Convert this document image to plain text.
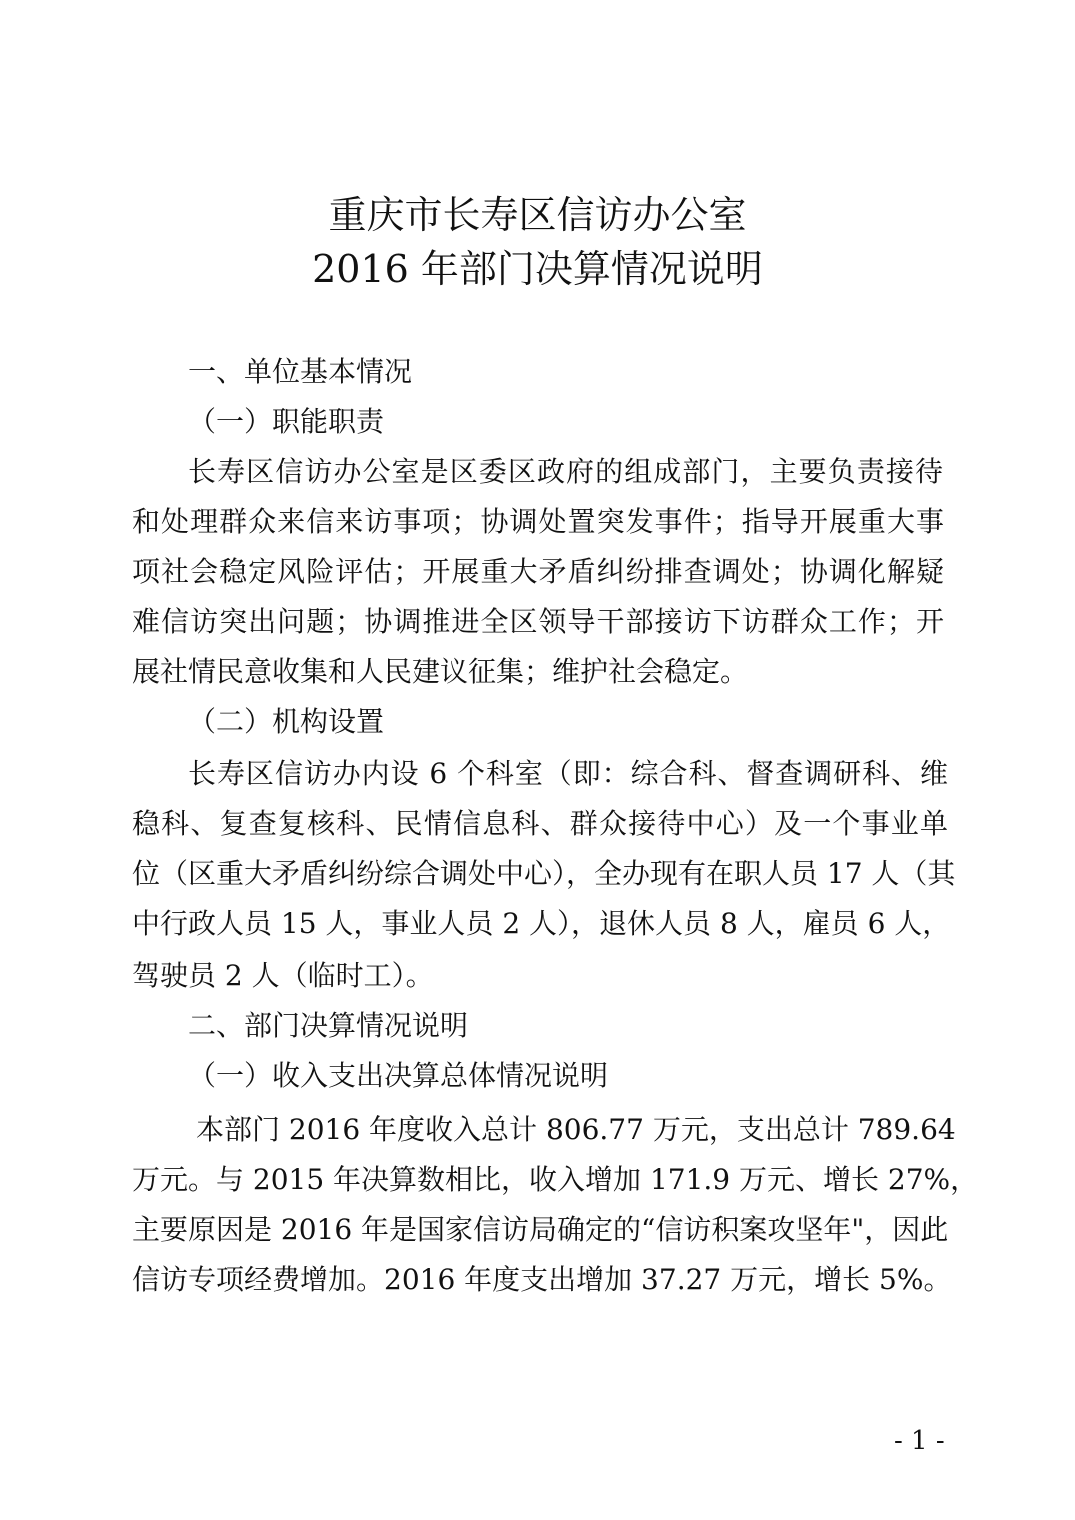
重庆市长寿区信访办公室
2016 年部门决算情况说明
一、单位基本情况
（一）职能职责
长寿区信访办公室是区委区政府的组成部门，主要负责接待
和处理群众来信来访事项；协调处置突发事件；指导开展重大事
项社会稳定风险评估；开展重大矛盾纠纷排查调处；协调化解疑
难信访突出问题；协调推进全区领导干部接访下访群众工作；开
展社情民意收集和人民建议征集；维护社会稳定。
（二）机构设置
长寿区信访办内设 6 个科室（即：综合科、督查调研科、维
稳科、复查复核科、民情信息科、群众接待中心）及一个事业单
位（区重大矛盾纠纷综合调处中心），全办现有在职人员 17 人（其
中行政人员 15 人，事业人员 2 人），退休人员 8 人，雇员 6 人，
驾驶员 2 人（临时工）。
二、部门决算情况说明
（一）收入支出决算总体情况说明
本部门 2016 年度收入总计 806.77 万元，支出总计 789.64
万元。与 2015 年决算数相比，收入增加 171.9 万元、增长 27%，
主要原因是 2016 年是国家信访局确定的“信访积案攻坚年"，因此
信访专项经费增加。2016 年度支出增加 37.27 万元，增长 5%。
- 1 -
